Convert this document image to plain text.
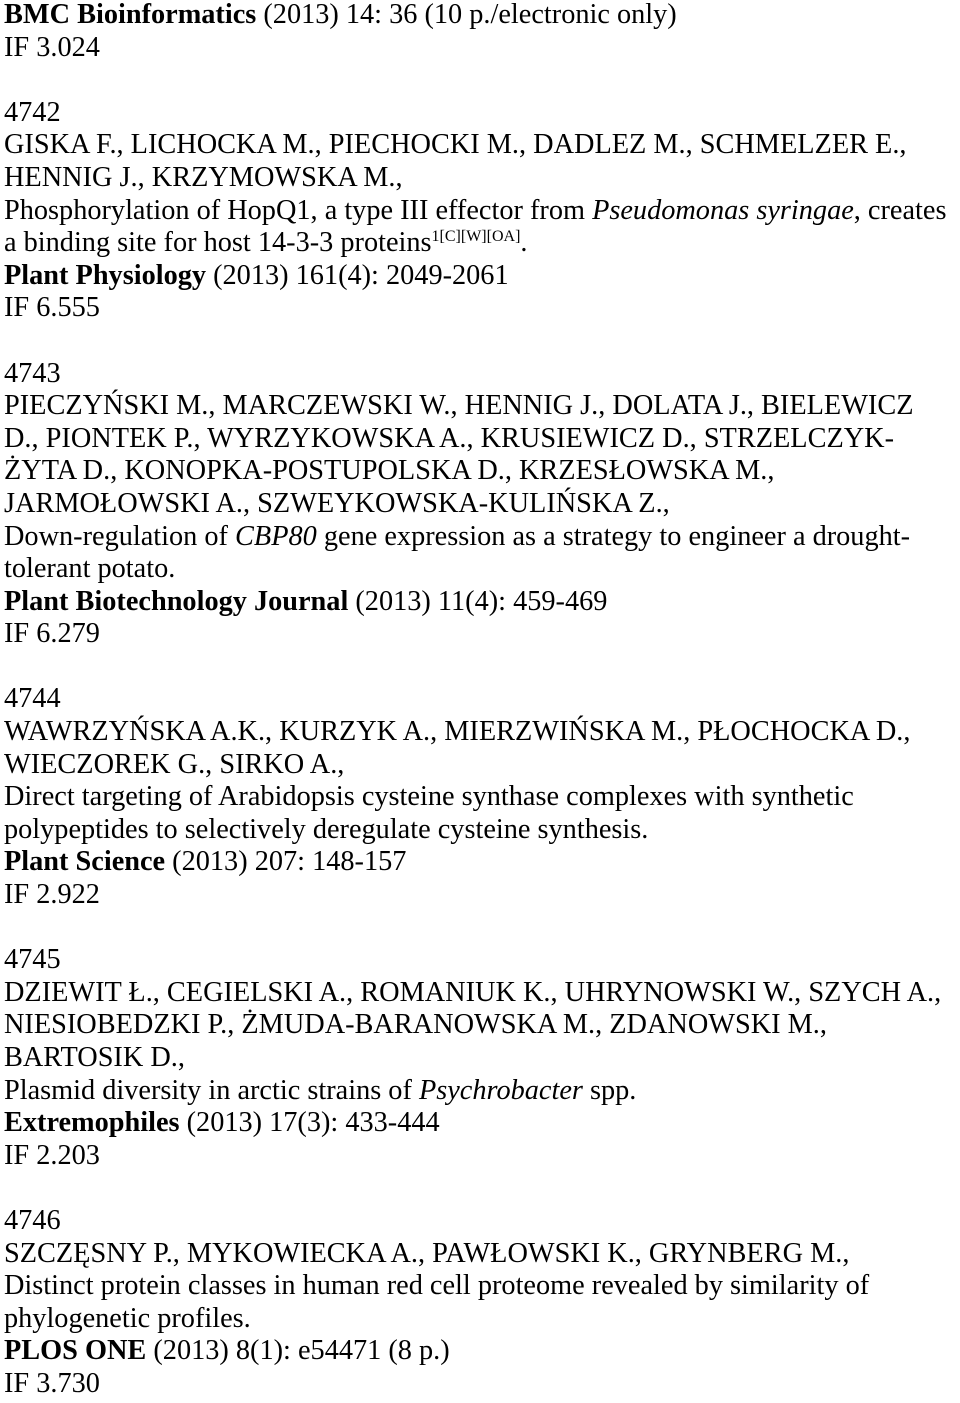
BMC Bioinformatics (2013) 14: 36 (10 p./electronic only)
IF 3.024
4742
GISKA F., LICHOCKA M., PIECHOCKI M., DADLEZ M., SCHMELZER E.,
HENNIG J., KRZYMOWSKA M.,
Phosphorylation of HopQ1, a type III effector from Pseudomonas syringae, creates
a binding site for host 14-3-3 proteins$^{1[C][W][OA]}$.
Plant Physiology (2013) 161(4): 2049-2061
IF 6.555
4743
PIECZYŃSKI M., MARCZEWSKI W., HENNIG J., DOLATA J., BIELEWICZ
D., PIONTEK P., WYRZYKOWSKA A., KRUSIEWICZ D., STRZELCZYK-
ŻYTA D., KONOPKA-POSTUPOLSKA D., KRZESŁOWSKA M.,
JARMOŁOWSKI A., SZWEYKOWSKA-KULIŃSKA Z.,
Down-regulation of CBP80 gene expression as a strategy to engineer a drought-
tolerant potato.
Plant Biotechnology Journal (2013) 11(4): 459-469
IF 6.279
4744
WAWRZYŃSKA A.K., KURZYK A., MIERZWIŃSKA M., PŁOCHOCKA D.,
WIECZOREK G., SIRKO A.,
Direct targeting of Arabidopsis cysteine synthase complexes with synthetic
polypeptides to selectively deregulate cysteine synthesis.
Plant Science (2013) 207: 148-157
IF 2.922
4745
DZIEWIT Ł., CEGIELSKI A., ROMANIUK K., UHRYNOWSKI W., SZYCH A.,
NIESIOBEDZKI P., ŻMUDA-BARANOWSKA M., ZDANOWSKI M.,
BARTOSIK D.,
Plasmid diversity in arctic strains of Psychrobacter spp.
Extremophiles (2013) 17(3): 433-444
IF 2.203
4746
SZCZĘSNY P., MYKOWIECKA A., PAWŁOWSKI K., GRYNBERG M.,
Distinct protein classes in human red cell proteome revealed by similarity of
phylogenetic profiles.
PLOS ONE (2013) 8(1): e54471 (8 p.)
IF 3.730
